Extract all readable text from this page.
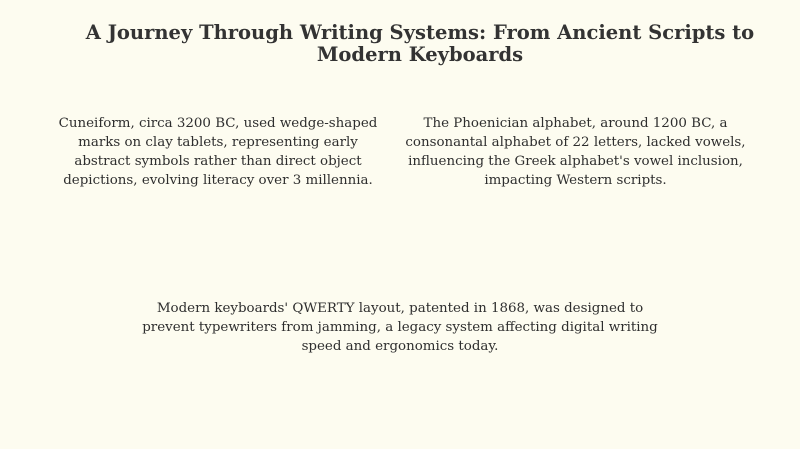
A Journey Through Writing Systems: From Ancient Scripts to Modern Keyboards

Cuneiform, circa 3200 BC, used wedge-shaped marks on clay tablets, representing early abstract symbols rather than direct object depictions, evolving literacy over 3 millennia.

The Phoenician alphabet, around 1200 BC, a consonantal alphabet of 22 letters, lacked vowels, influencing the Greek alphabet's vowel inclusion, impacting Western scripts.

Modern keyboards' QWERTY layout, patented in 1868, was designed to prevent typewriters from jamming, a legacy system affecting digital writing speed and ergonomics today.
